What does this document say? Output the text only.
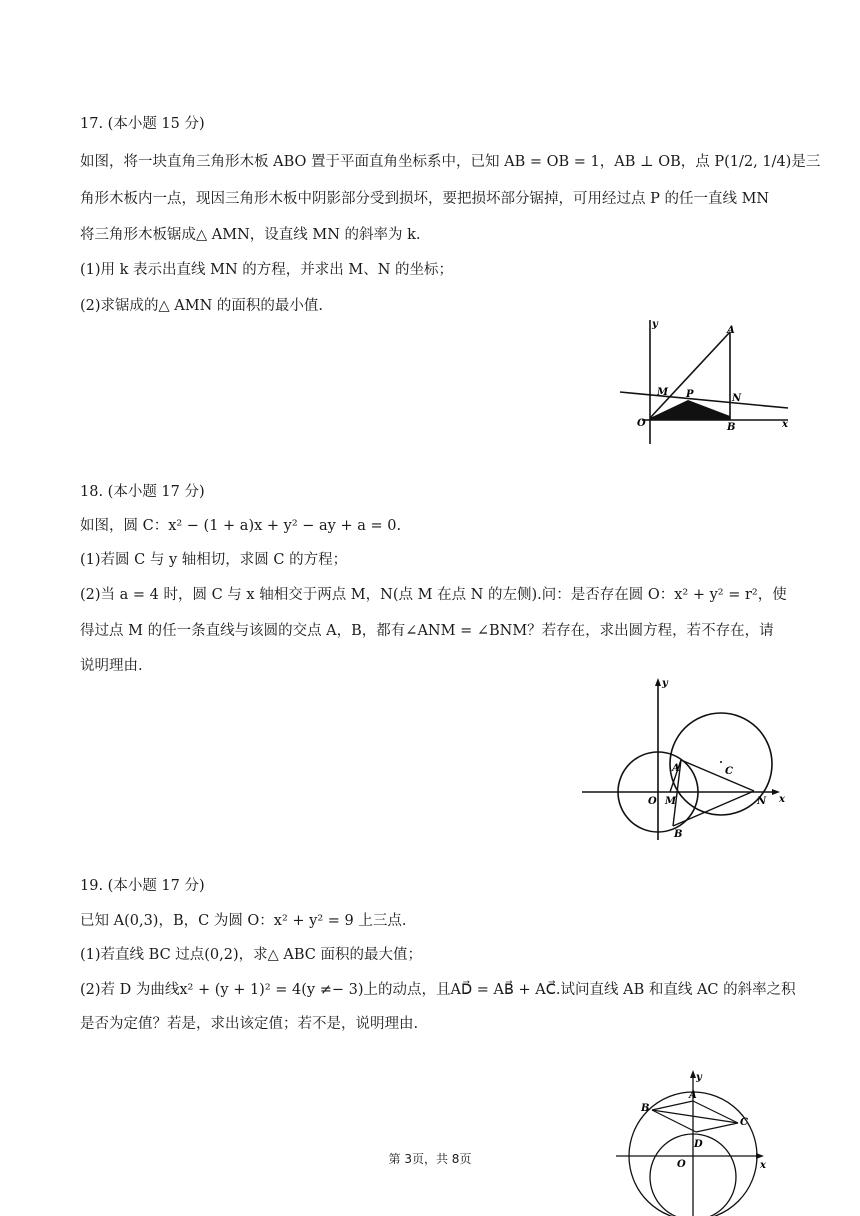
17. (本小题 15 分)
如图，将一块直角三角形木板 ABO 置于平面直角坐标系中，已知 AB = OB = 1，AB ⊥ OB，点 P(1/2, 1/4)是三
角形木板内一点，现因三角形木板中阴影部分受到损坏，要把损坏部分锯掉，可用经过点 P 的任一直线 MN
将三角形木板锯成△ AMN，设直线 MN 的斜率为 k.
(1)用 k 表示出直线 MN 的方程，并求出 M、N 的坐标；
(2)求锯成的△ AMN 的面积的最小值.
y
x
A
M P	N
O	B
18. (本小题 17 分)
如图，圆 C：x² − (1 + a)x + y² − ay + a = 0.
(1)若圆 C 与 y 轴相切，求圆 C 的方程；
(2)当 a = 4 时，圆 C 与 x 轴相交于两点 M，N(点 M 在点 N 的左侧).问：是否存在圆 O：x² + y² = r²，使
得过点 M 的任一条直线与该圆的交点 A，B，都有∠ANM = ∠BNM？若存在，求出圆方程，若不存在，请
说明理由.
y
x
A	C
O M	N
B
19. (本小题 17 分)
已知 A(0,3)，B，C 为圆 O：x² + y² = 9 上三点.
(1)若直线 BC 过点(0,2)，求△ ABC 面积的最大值；
(2)若 D 为曲线x² + (y + 1)² = 4(y ≠− 3)上的动点，且AD⃗ = AB⃗ + AC⃗.试问直线 AB 和直线 AC 的斜率之积
是否为定值？若是，求出该定值；若不是，说明理由.
y
x
A
B
C
D
O
第 3页，共 8页
